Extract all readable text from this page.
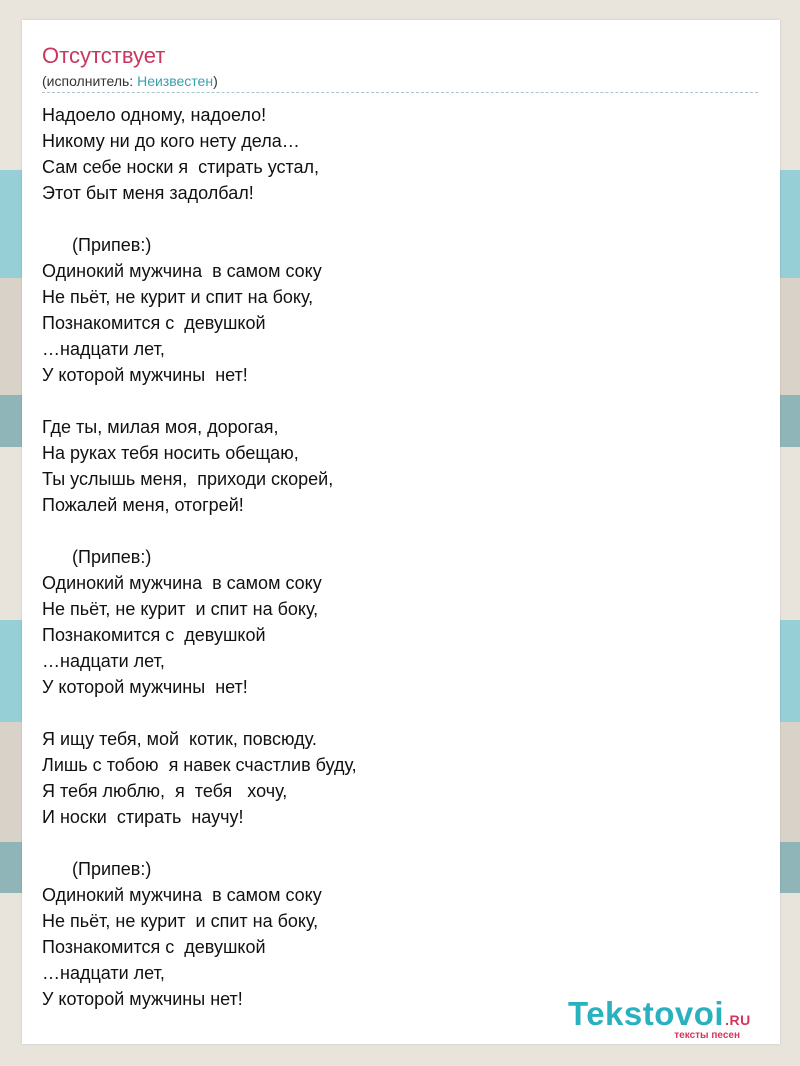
Отсутствует
(исполнитель: Неизвестен)
Надоело одному, надоело!
Никому ни до кого нету дела…
Сам себе носки я  стирать устал,
Этот быт меня задолбал!
(Припев:)
Одинокий мужчина  в самом соку
Не пьёт, не курит и спит на боку,
Познакомится с  девушкой
…надцати лет,
У которой мужчины  нет!
Где ты, милая моя, дорогая,
На руках тебя носить обещаю,
Ты услышь меня,  приходи скорей,
Пожалей меня, отогрей!
(Припев:)
Одинокий мужчина  в самом соку
Не пьёт, не курит  и спит на боку,
Познакомится с  девушкой
…надцати лет,
У которой мужчины  нет!
Я ищу тебя, мой  котик, повсюду.
Лишь с тобою  я навек счастлив буду,
Я тебя люблю,  я  тебя   хочу,
И носки  стирать  научу!
(Припев:)
Одинокий мужчина  в самом соку
Не пьёт, не курит  и спит на боку,
Познакомится с  девушкой
…надцати лет,
У которой мужчины нет!	Tekstovoi.RU
тексты песен
